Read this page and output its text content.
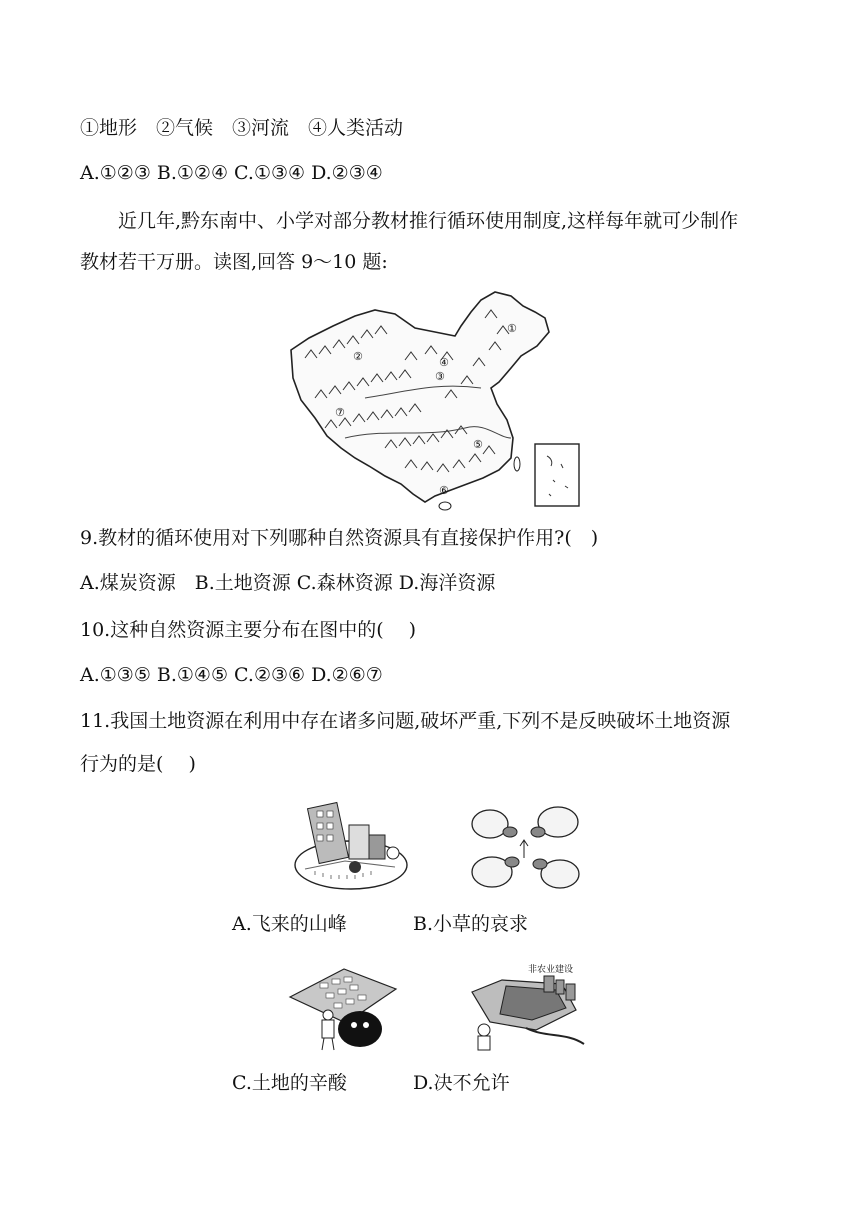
①地形　②气候　③河流　④人类活动
A.①②③ B.①②④ C.①③④ D.②③④
近几年,黔东南中、小学对部分教材推行循环使用制度,这样每年就可少制作
教材若干万册。读图,回答 9～10 题:
①
②
③
④
⑤
⑥
⑦
9.教材的循环使用对下列哪种自然资源具有直接保护作用?(　)
A.煤炭资源　B.土地资源 C.森林资源 D.海洋资源
10.这种自然资源主要分布在图中的(　 )
A.①③⑤ B.①④⑤ C.②③⑥ D.②⑥⑦
11.我国土地资源在利用中存在诸多问题,破坏严重,下列不是反映破坏土地资源
行为的是(　 )
A.飞来的山峰	B.小草的哀求
非农业建设
C.土地的辛酸	D.决不允许
